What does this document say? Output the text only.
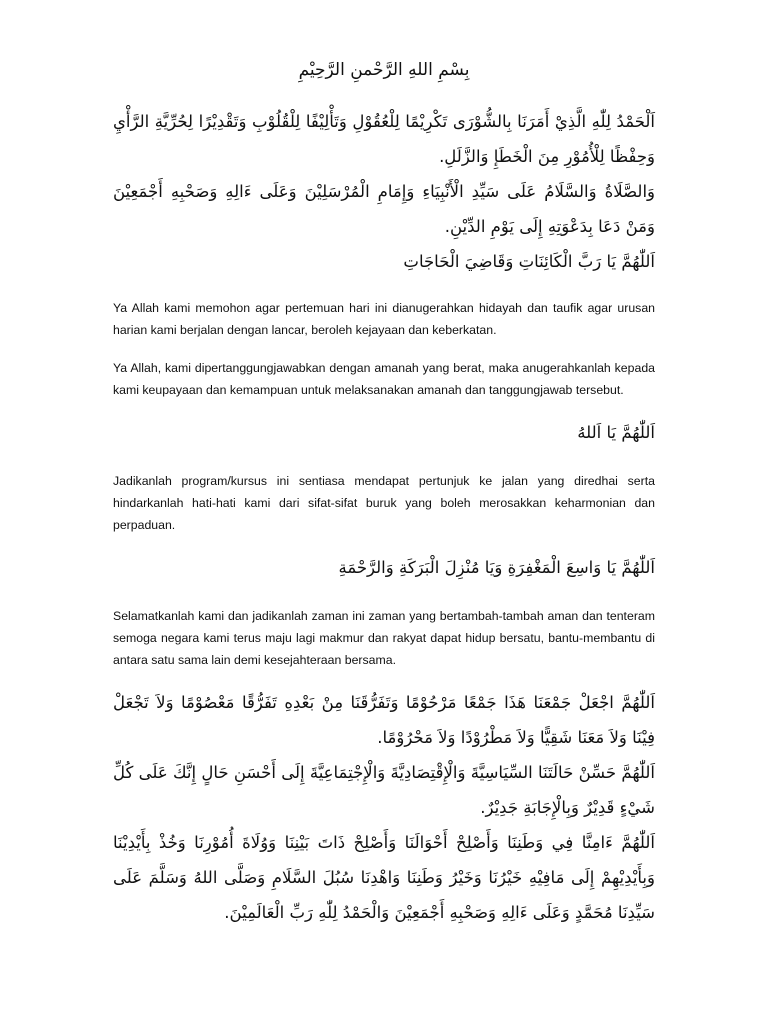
بِسْمِ اللهِ الرَّحْمنِ الرَّحِيْمِ

اَلْحَمْدُ لِلّٰهِ الَّذِيْ أَمَرَنَا بِالشُّوْرَى تَكْرِيْمًا لِلْعُقُوْلِ وَتَأْلِيْفًا لِلْقُلُوْبِ وَتَقْدِيْرًا لِحُرِّيَّةِ الرَّأْيِ وَحِفْظًا لِلْأُمُوْرِ مِنَ الْخَطَإِ وَالزَّلَلِ.

وَالصَّلَاةُ وَالسَّلَامُ عَلَى سَيِّدِ الْأَنْبِيَاءِ وَإِمَامِ الْمُرْسَلِيْنَ وَعَلَى ءَالِهِ وَصَحْبِهِ أَجْمَعِيْنَ وَمَنْ دَعَا بِدَعْوَتِهِ إِلَى يَوْمِ الدِّيْنِ.

اَللّٰهُمَّ يَا رَبَّ الْكَائِنَاتِ وَقَاضِيَ الْحَاجَاتِ

Ya Allah kami memohon agar pertemuan hari ini dianugerahkan hidayah dan taufik agar urusan harian kami berjalan dengan lancar, beroleh kejayaan dan keberkatan.

Ya Allah, kami dipertanggungjawabkan dengan amanah yang berat, maka anugerahkanlah kepada kami keupayaan dan kemampuan untuk melaksanakan amanah dan tanggungjawab tersebut.

اَللّٰهُمَّ يَا اَللهُ

Jadikanlah program/kursus ini sentiasa mendapat pertunjuk ke jalan yang diredhai serta hindarkanlah hati-hati kami dari sifat-sifat buruk yang boleh merosakkan keharmonian dan perpaduan.

اَللّٰهُمَّ يَا وَاسِعَ الْمَغْفِرَةِ وَيَا مُنْزِلَ الْبَرَكَةِ وَالرَّحْمَةِ

Selamatkanlah kami dan jadikanlah zaman ini zaman yang bertambah-tambah aman dan tenteram semoga negara kami terus maju lagi makmur dan rakyat dapat hidup bersatu, bantu-membantu di antara satu sama lain demi kesejahteraan bersama.

اَللّٰهُمَّ اجْعَلْ جَمْعَنَا هَذَا جَمْعًا مَرْحُوْمًا وَتَفَرُّقَنَا مِنْ بَعْدِهِ تَفَرُّقًا مَعْصُوْمًا وَلاَ تَجْعَلْ فِيْنَا وَلاَ مَعَنَا شَقِيًّا وَلاَ مَطْرُوْدًا وَلاَ مَحْرُوْمًا.

اَللّٰهُمَّ حَسِّنْ حَالَتَنَا السِّيَاسِيَّةَ وَالْإِقْتِصَادِيَّةَ وَالْإِجْتِمَاعِيَّةَ إِلَى أَحْسَنِ حَالٍ إِنَّكَ عَلَى كُلِّ شَيْءٍ قَدِيْرٌ وَبِالْإِجَابَةِ جَدِيْرٌ.

اَللّٰهُمَّ ءَامِنَّا فِي وَطَنِنَا وَأَصْلِحْ أَحْوَالَنَا وَأَصْلِحْ ذَاتَ بَيْنِنَا وَوُلَاةَ أُمُوْرِنَا وَخُذْ بِأَيْدِيْنَا وَبِأَيْدِيْهِمْ إِلَى مَافِيْهِ خَيْرُنَا وَخَيْرُ وَطَنِنَا وَاهْدِنَا سُبُلَ السَّلَامِ وَصَلَّى اللهُ وَسَلَّمَ عَلَى سَيِّدِنَا مُحَمَّدٍ وَعَلَى ءَالِهِ وَصَحْبِهِ أَجْمَعِيْنَ وَالْحَمْدُ لِلّٰهِ رَبِّ الْعَالَمِيْنَ.
